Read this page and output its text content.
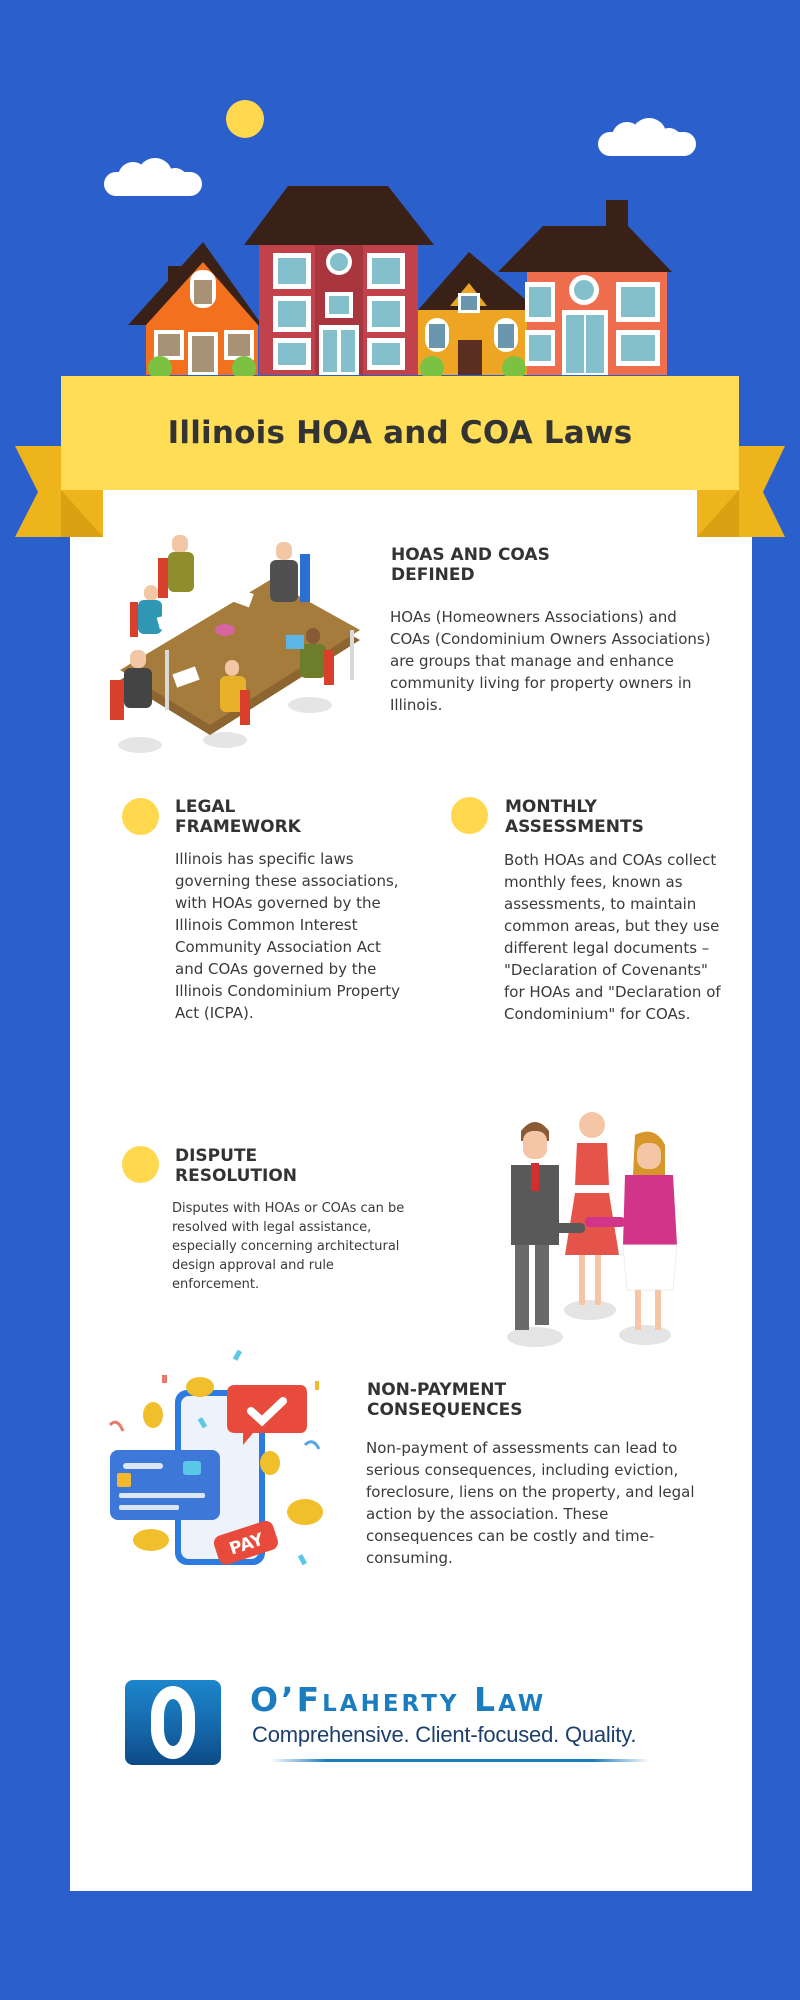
Illinois HOA and COA Laws
HOAS AND COAS
DEFINED

HOAs (Homeowners Associations) and COAs (Condominium Owners Associations) are groups that manage and enhance community living for property owners in Illinois.

LEGAL
FRAMEWORK

Illinois has specific laws governing these associations, with HOAs governed by the Illinois Common Interest Community Association Act and COAs governed by the Illinois Condominium Property Act (ICPA).

MONTHLY
ASSESSMENTS

Both HOAs and COAs collect monthly fees, known as assessments, to maintain common areas, but they use different legal documents – "Declaration of Covenants" for HOAs and "Declaration of Condominium" for COAs.

DISPUTE
RESOLUTION

Disputes with HOAs or COAs can be resolved with legal assistance, especially concerning architectural design approval and rule enforcement.

PAY
NON-PAYMENT
CONSEQUENCES

Non-payment of assessments can lead to serious consequences, including eviction, foreclosure, liens on the property, and legal action by the association. These consequences can be costly and time-consuming.

O’Flaherty Law
Comprehensive. Client-focused. Quality.
